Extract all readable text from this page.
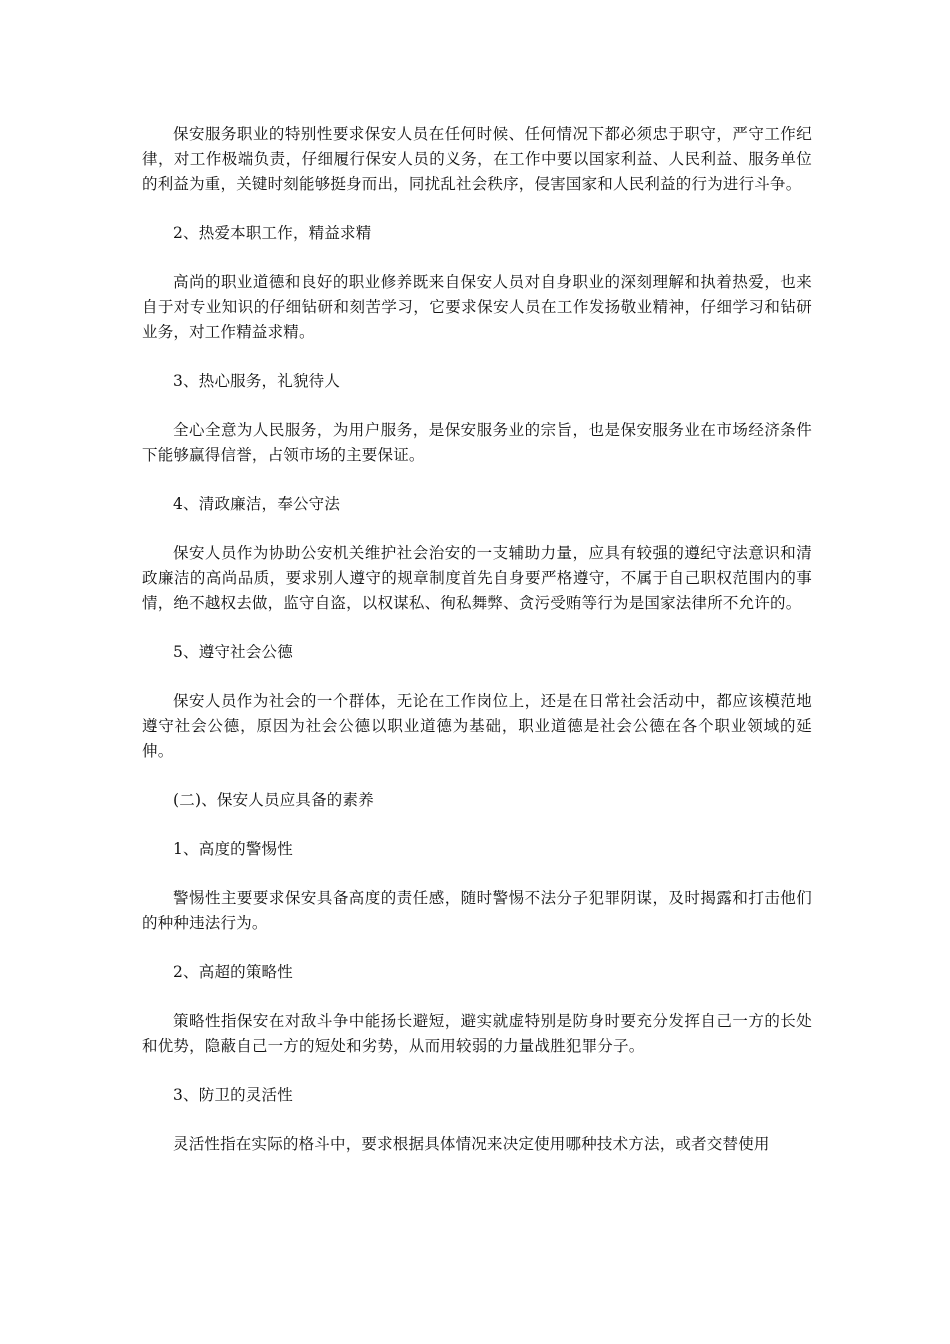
保安服务职业的特别性要求保安人员在任何时候、任何情况下都必须忠于职守，严守工作纪律，对工作极端负责，仔细履行保安人员的义务，在工作中要以国家利益、人民利益、服务单位的利益为重，关键时刻能够挺身而出，同扰乱社会秩序，侵害国家和人民利益的行为进行斗争。

2、热爱本职工作，精益求精

高尚的职业道德和良好的职业修养既来自保安人员对自身职业的深刻理解和执着热爱，也来自于对专业知识的仔细钻研和刻苦学习，它要求保安人员在工作发扬敬业精神，仔细学习和钻研业务，对工作精益求精。

3、热心服务，礼貌待人

全心全意为人民服务，为用户服务，是保安服务业的宗旨，也是保安服务业在市场经济条件下能够赢得信誉，占领市场的主要保证。

4、清政廉洁，奉公守法

保安人员作为协助公安机关维护社会治安的一支辅助力量，应具有较强的遵纪守法意识和清政廉洁的高尚品质，要求别人遵守的规章制度首先自身要严格遵守，不属于自己职权范围内的事情，绝不越权去做，监守自盗，以权谋私、徇私舞弊、贪污受贿等行为是国家法律所不允许的。

5、遵守社会公德

保安人员作为社会的一个群体，无论在工作岗位上，还是在日常社会活动中，都应该模范地遵守社会公德，原因为社会公德以职业道德为基础，职业道德是社会公德在各个职业领域的延伸。

(二)、保安人员应具备的素养

1、高度的警惕性

警惕性主要要求保安具备高度的责任感，随时警惕不法分子犯罪阴谋，及时揭露和打击他们的种种违法行为。

2、高超的策略性

策略性指保安在对敌斗争中能扬长避短，避实就虚特别是防身时要充分发挥自己一方的长处和优势，隐蔽自己一方的短处和劣势，从而用较弱的力量战胜犯罪分子。

3、防卫的灵活性

灵活性指在实际的格斗中，要求根据具体情况来决定使用哪种技术方法，或者交替使用
